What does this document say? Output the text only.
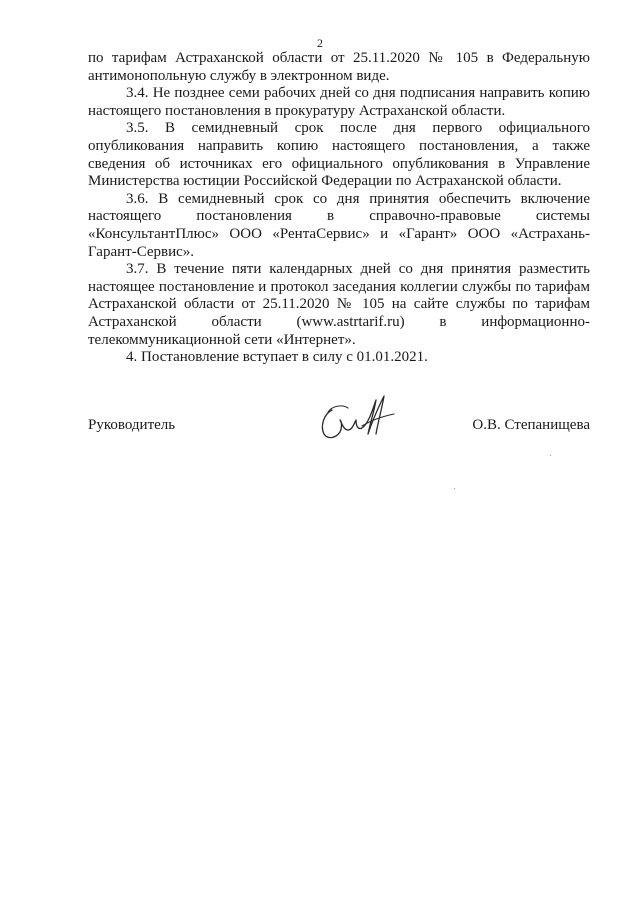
2

по тарифам Астраханской области от 25.11.2020 № 105 в Федеральную антимонопольную службу в электронном виде.

3.4. Не позднее семи рабочих дней со дня подписания направить копию настоящего постановления в прокуратуру Астраханской области.

3.5. В семидневный срок после дня первого официального опубликования направить копию настоящего постановления, а также сведения об источниках его официального опубликования в Управление Министерства юстиции Российской Федерации по Астраханской области.

3.6. В семидневный срок со дня принятия обеспечить включение настоящего постановления в справочно-правовые системы «КонсультантПлюс» ООО «РентаСервис» и «Гарант» ООО «Астрахань-Гарант-Сервис».

3.7. В течение пяти календарных дней со дня принятия разместить настоящее постановление и протокол заседания коллегии службы по тарифам Астраханской области от 25.11.2020 № 105 на сайте службы по тарифам Астраханской области (www.astrtarif.ru) в информационно-телекоммуникационной сети «Интернет».

4. Постановление вступает в силу с 01.01.2021.

Руководитель	О.В. Степанищева
